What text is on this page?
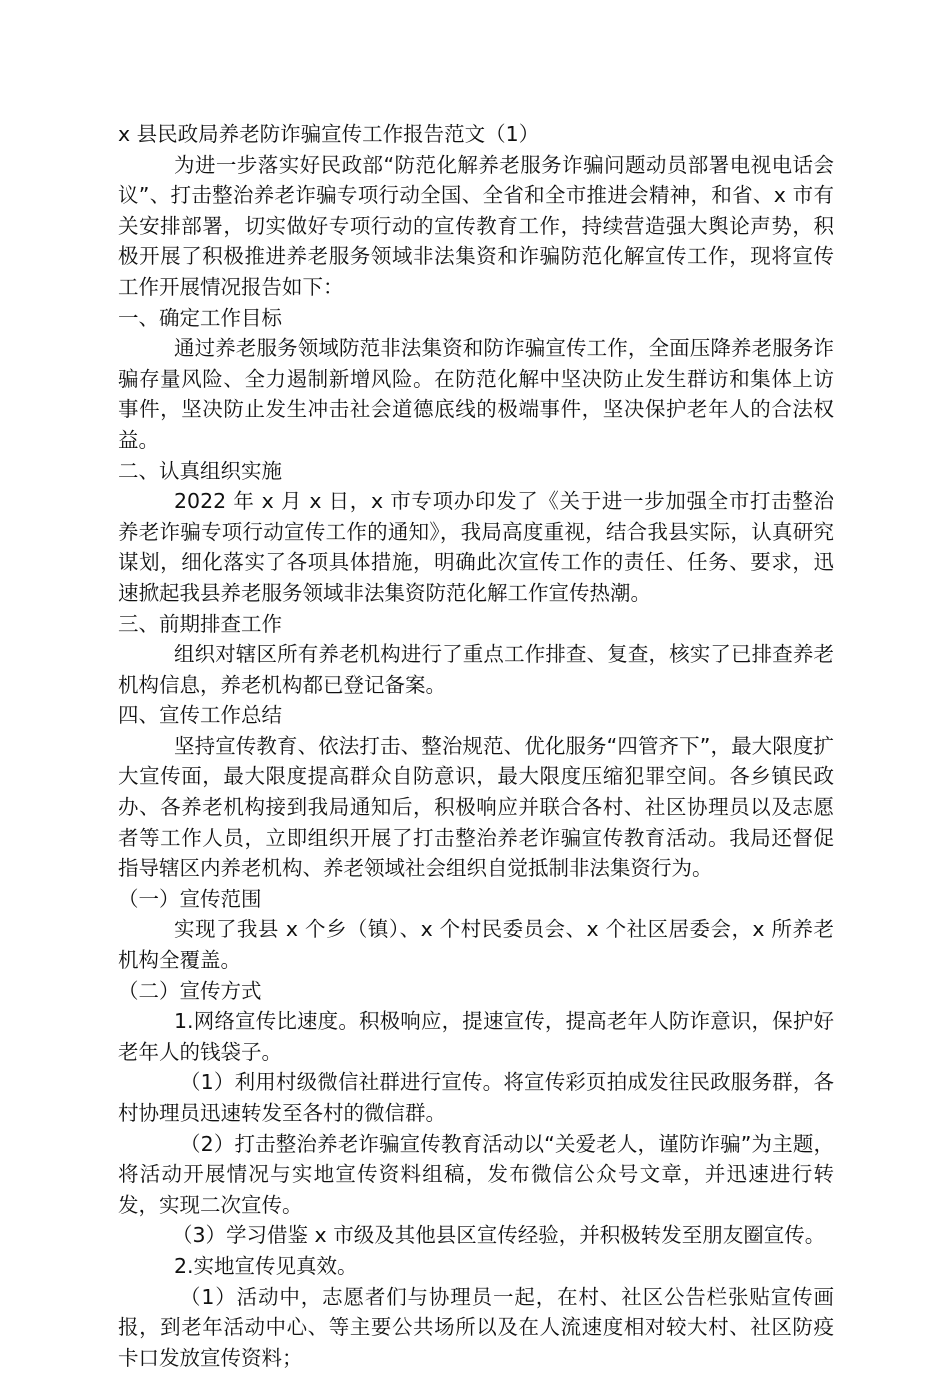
x 县民政局养老防诈骗宣传工作报告范文（1）

为进一步落实好民政部“防范化解养老服务诈骗问题动员部署电视电话会议”、打击整治养老诈骗专项行动全国、全省和全市推进会精神，和省、x 市有关安排部署，切实做好专项行动的宣传教育工作，持续营造强大舆论声势，积极开展了积极推进养老服务领域非法集资和诈骗防范化解宣传工作，现将宣传工作开展情况报告如下：

一、确定工作目标

通过养老服务领域防范非法集资和防诈骗宣传工作，全面压降养老服务诈骗存量风险、全力遏制新增风险。在防范化解中坚决防止发生群访和集体上访事件，坚决防止发生冲击社会道德底线的极端事件，坚决保护老年人的合法权益。

二、认真组织实施

2022 年 x 月 x 日，x 市专项办印发了《关于进一步加强全市打击整治养老诈骗专项行动宣传工作的通知》，我局高度重视，结合我县实际，认真研究谋划，细化落实了各项具体措施，明确此次宣传工作的责任、任务、要求，迅速掀起我县养老服务领域非法集资防范化解工作宣传热潮。

三、前期排查工作

组织对辖区所有养老机构进行了重点工作排查、复查，核实了已排查养老机构信息，养老机构都已登记备案。

四、宣传工作总结

坚持宣传教育、依法打击、整治规范、优化服务“四管齐下”，最大限度扩大宣传面，最大限度提高群众自防意识，最大限度压缩犯罪空间。各乡镇民政办、各养老机构接到我局通知后，积极响应并联合各村、社区协理员以及志愿者等工作人员，立即组织开展了打击整治养老诈骗宣传教育活动。我局还督促指导辖区内养老机构、养老领域社会组织自觉抵制非法集资行为。

（一）宣传范围

实现了我县 x 个乡（镇）、x 个村民委员会、x 个社区居委会，x 所养老机构全覆盖。

（二）宣传方式

1.网络宣传比速度。积极响应，提速宣传，提高老年人防诈意识，保护好老年人的钱袋子。

（1）利用村级微信社群进行宣传。将宣传彩页拍成发往民政服务群，各村协理员迅速转发至各村的微信群。

（2）打击整治养老诈骗宣传教育活动以“关爱老人，谨防诈骗”为主题，将活动开展情况与实地宣传资料组稿，发布微信公众号文章，并迅速进行转发，实现二次宣传。

（3）学习借鉴 x 市级及其他县区宣传经验，并积极转发至朋友圈宣传。

2.实地宣传见真效。

（1）活动中，志愿者们与协理员一起，在村、社区公告栏张贴宣传画报，到老年活动中心、等主要公共场所以及在人流速度相对较大村、社区防疫卡口发放宣传资料；
